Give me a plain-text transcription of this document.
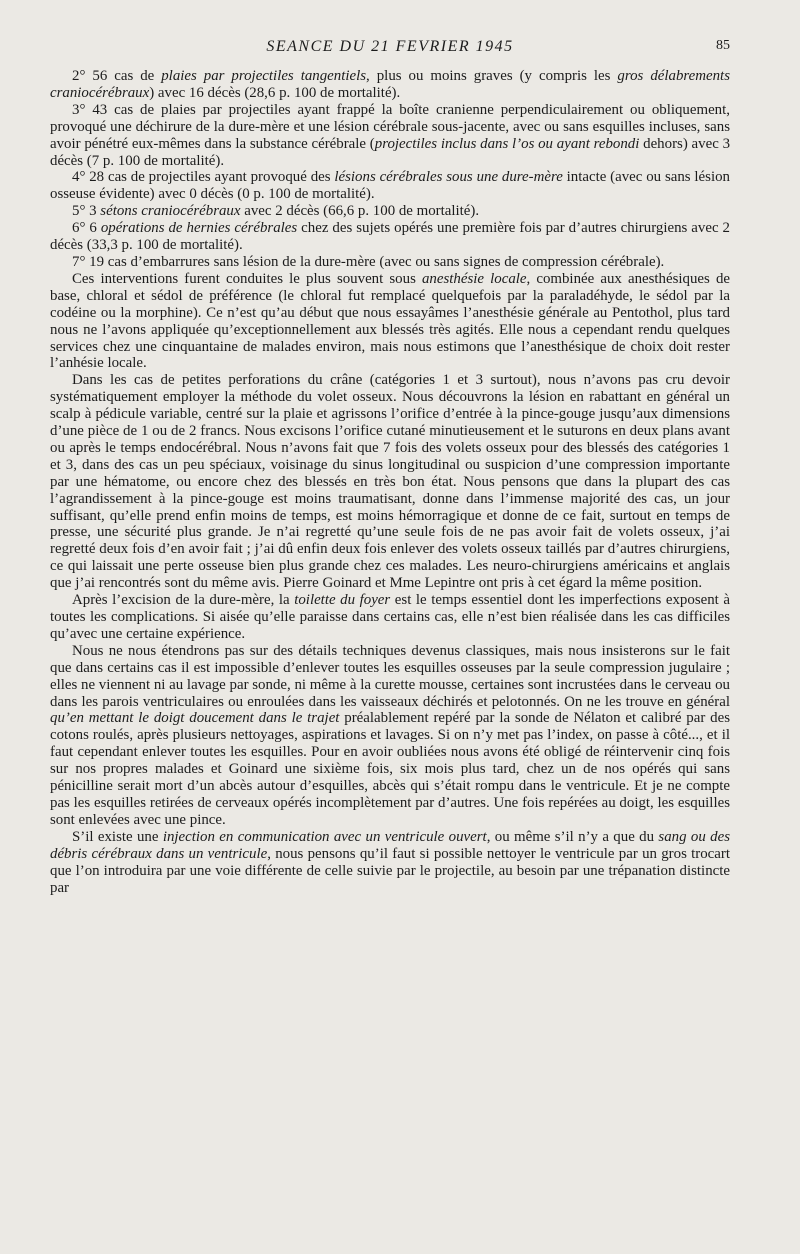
SEANCE DU 21 FEVRIER 1945	85

2° 56 cas de plaies par projectiles tangentiels, plus ou moins graves (y compris les gros délabrements craniocérébraux) avec 16 décès (28,6 p. 100 de mortalité).

3° 43 cas de plaies par projectiles ayant frappé la boîte cranienne perpendiculairement ou obliquement, provoqué une déchirure de la dure-mère et une lésion cérébrale sous-jacente, avec ou sans esquilles incluses, sans avoir pénétré eux-mêmes dans la substance cérébrale (projectiles inclus dans l’os ou ayant rebondi dehors) avec 3 décès (7 p. 100 de mortalité).

4° 28 cas de projectiles ayant provoqué des lésions cérébrales sous une dure-mère intacte (avec ou sans lésion osseuse évidente) avec 0 décès (0 p. 100 de mortalité).

5° 3 sétons craniocérébraux avec 2 décès (66,6 p. 100 de mortalité).

6° 6 opérations de hernies cérébrales chez des sujets opérés une première fois par d’autres chirurgiens avec 2 décès (33,3 p. 100 de mortalité).

7° 19 cas d’embarrures sans lésion de la dure-mère (avec ou sans signes de compression cérébrale).

Ces interventions furent conduites le plus souvent sous anesthésie locale, combinée aux anesthésiques de base, chloral et sédol de préférence (le chloral fut remplacé quelquefois par la paraladéhyde, le sédol par la codéine ou la morphine). Ce n’est qu’au début que nous essayâmes l’anesthésie générale au Pentothol, plus tard nous ne l’avons appliquée qu’exceptionnellement aux blessés très agités. Elle nous a cependant rendu quelques services chez une cinquantaine de malades environ, mais nous estimons que l’anesthésique de choix doit rester l’anhésie locale.

Dans les cas de petites perforations du crâne (catégories 1 et 3 surtout), nous n’avons pas cru devoir systématiquement employer la méthode du volet osseux. Nous découvrons la lésion en rabattant en général un scalp à pédicule variable, centré sur la plaie et agrissons l’orifice d’entrée à la pince-gouge jusqu’aux dimensions d’une pièce de 1 ou de 2 francs. Nous excisons l’orifice cutané minutieusement et le suturons en deux plans avant ou après le temps endocérébral. Nous n’avons fait que 7 fois des volets osseux pour des blessés des catégories 1 et 3, dans des cas un peu spéciaux, voisinage du sinus longitudinal ou suspicion d’une compression importante par une hématome, ou encore chez des blessés en très bon état. Nous pensons que dans la plupart des cas l’agrandissement à la pince-gouge est moins traumatisant, donne dans l’immense majorité des cas, un jour suffisant, qu’elle prend enfin moins de temps, est moins hémorragique et donne de ce fait, surtout en temps de presse, une sécurité plus grande. Je n’ai regretté qu’une seule fois de ne pas avoir fait de volets osseux, j’ai regretté deux fois d’en avoir fait ; j’ai dû enfin deux fois enlever des volets osseux taillés par d’autres chirurgiens, ce qui laissait une perte osseuse bien plus grande chez ces malades. Les neuro-chirurgiens américains et anglais que j’ai rencontrés sont du même avis. Pierre Goinard et Mme Lepintre ont pris à cet égard la même position.

Après l’excision de la dure-mère, la toilette du foyer est le temps essentiel dont les imperfections exposent à toutes les complications. Si aisée qu’elle paraisse dans certains cas, elle n’est bien réalisée dans les cas difficiles qu’avec une certaine expérience.

Nous ne nous étendrons pas sur des détails techniques devenus classiques, mais nous insisterons sur le fait que dans certains cas il est impossible d’enlever toutes les esquilles osseuses par la seule compression jugulaire ; elles ne viennent ni au lavage par sonde, ni même à la curette mousse, certaines sont incrustées dans le cerveau ou dans les parois ventriculaires ou enroulées dans les vaisseaux déchirés et pelotonnés. On ne les trouve en général qu’en mettant le doigt doucement dans le trajet préalablement repéré par la sonde de Nélaton et calibré par des cotons roulés, après plusieurs nettoyages, aspirations et lavages. Si on n’y met pas l’index, on passe à côté..., et il faut cependant enlever toutes les esquilles. Pour en avoir oubliées nous avons été obligé de réintervenir cinq fois sur nos propres malades et Goinard une sixième fois, six mois plus tard, chez un de nos opérés qui sans pénicilline serait mort d’un abcès autour d’esquilles, abcès qui s’était rompu dans le ventricule. Et je ne compte pas les esquilles retirées de cerveaux opérés incomplètement par d’autres. Une fois repérées au doigt, les esquilles sont enlevées avec une pince.

S’il existe une injection en communication avec un ventricule ouvert, ou même s’il n’y a que du sang ou des débris cérébraux dans un ventricule, nous pensons qu’il faut si possible nettoyer le ventricule par un gros trocart que l’on introduira par une voie différente de celle suivie par le projectile, au besoin par une trépanation distincte par
